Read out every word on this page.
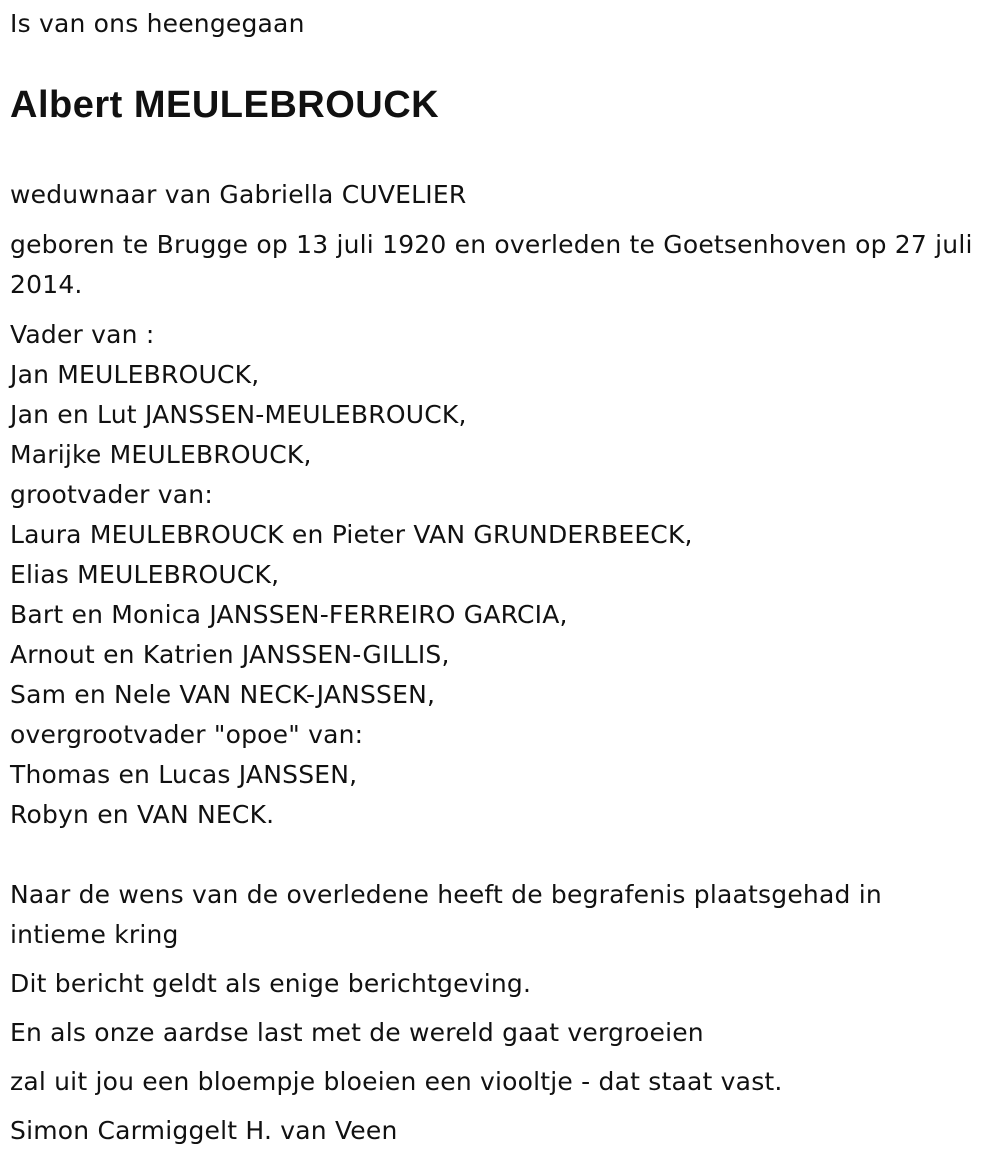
Is van ons heengegaan
Albert MEULEBROUCK
weduwnaar van Gabriella CUVELIER
geboren te Brugge op 13 juli 1920 en overleden te Goetsenhoven op 27 juli 2014.
Vader van :
Jan MEULEBROUCK,
Jan en Lut JANSSEN-MEULEBROUCK,
Marijke MEULEBROUCK,
grootvader van:
Laura MEULEBROUCK en Pieter VAN GRUNDERBEECK,
Elias MEULEBROUCK,
Bart en Monica JANSSEN-FERREIRO GARCIA,
Arnout en Katrien JANSSEN-GILLIS,
Sam en Nele VAN NECK-JANSSEN,
overgrootvader "opoe" van:
Thomas en Lucas JANSSEN,
Robyn en VAN NECK.
Naar de wens van de overledene heeft de begrafenis plaatsgehad in intieme kring
Dit bericht geldt als enige berichtgeving.
En als onze aardse last met de wereld gaat vergroeien
zal uit jou een bloempje bloeien een viooltje - dat staat vast.
Simon Carmiggelt H. van Veen
